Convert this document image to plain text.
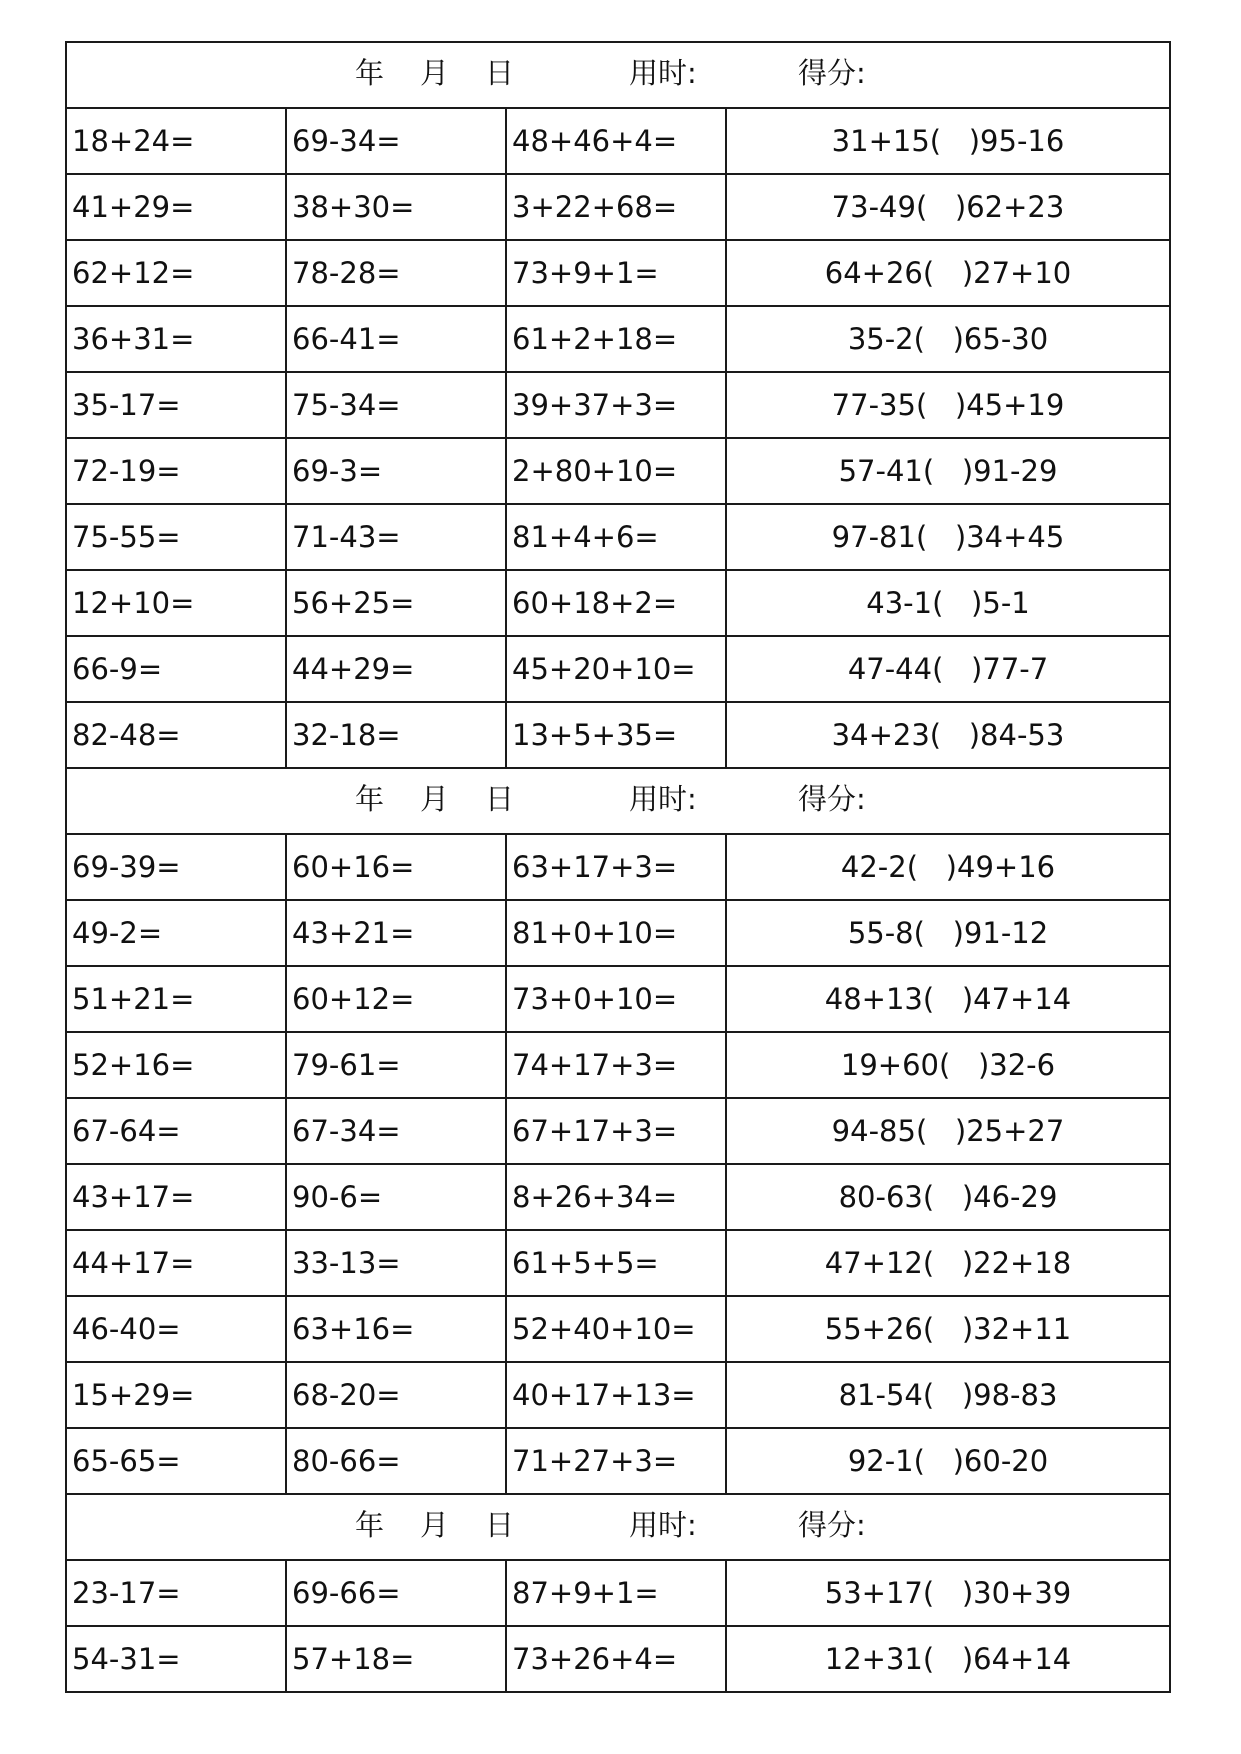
年 月 日 用时: 得分:			

18+24=	69-34=	48+46+4=	31+15(   )95-16
41+29=	38+30=	3+22+68=	73-49(   )62+23
62+12=	78-28=	73+9+1=	64+26(   )27+10
36+31=	66-41=	61+2+18=	35-2(   )65-30
35-17=	75-34=	39+37+3=	77-35(   )45+19
72-19=	69-3=	2+80+10=	57-41(   )91-29
75-55=	71-43=	81+4+6=	97-81(   )34+45
12+10=	56+25=	60+18+2=	43-1(   )5-1
66-9=	44+29=	45+20+10=	47-44(   )77-7
82-48=	32-18=	13+5+35=	34+23(   )84-53

年 月 日 用时: 得分:			

69-39=	60+16=	63+17+3=	42-2(   )49+16
49-2=	43+21=	81+0+10=	55-8(   )91-12
51+21=	60+12=	73+0+10=	48+13(   )47+14
52+16=	79-61=	74+17+3=	19+60(   )32-6
67-64=	67-34=	67+17+3=	94-85(   )25+27
43+17=	90-6=	8+26+34=	80-63(   )46-29
44+17=	33-13=	61+5+5=	47+12(   )22+18
46-40=	63+16=	52+40+10=	55+26(   )32+11
15+29=	68-20=	40+17+13=	81-54(   )98-83
65-65=	80-66=	71+27+3=	92-1(   )60-20

年 月 日 用时: 得分:			

23-17=	69-66=	87+9+1=	53+17(   )30+39
54-31=	57+18=	73+26+4=	12+31(   )64+14
